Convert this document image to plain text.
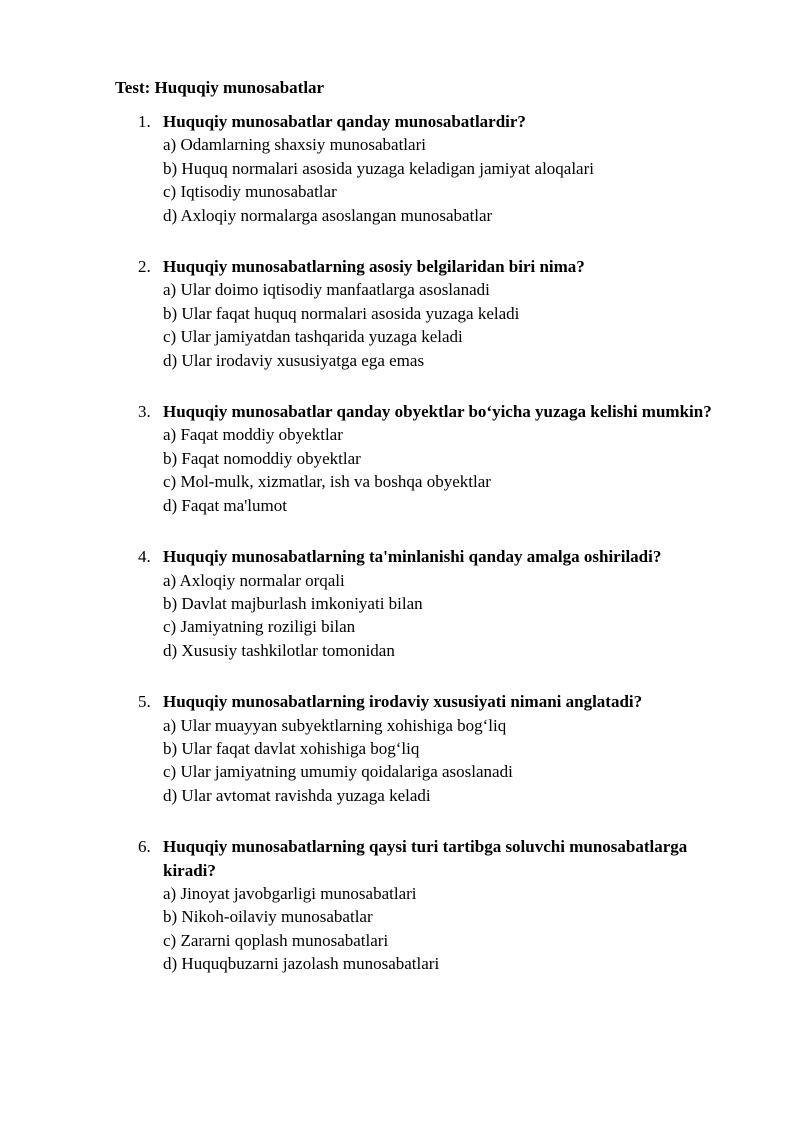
Test: Huquqiy munosabatlar
1. Huquqiy munosabatlar qanday munosabatlardir?
a) Odamlarning shaxsiy munosabatlari
b) Huquq normalari asosida yuzaga keladigan jamiyat aloqalari
c) Iqtisodiy munosabatlar
d) Axloqiy normalarga asoslangan munosabatlar
2. Huquqiy munosabatlarning asosiy belgilaridan biri nima?
a) Ular doimo iqtisodiy manfaatlarga asoslanadi
b) Ular faqat huquq normalari asosida yuzaga keladi
c) Ular jamiyatdan tashqarida yuzaga keladi
d) Ular irodaviy xususiyatga ega emas
3. Huquqiy munosabatlar qanday obyektlar bo‘yicha yuzaga kelishi mumkin?
a) Faqat moddiy obyektlar
b) Faqat nomoddiy obyektlar
c) Mol-mulk, xizmatlar, ish va boshqa obyektlar
d) Faqat ma'lumot
4. Huquqiy munosabatlarning ta'minlanishi qanday amalga oshiriladi?
a) Axloqiy normalar orqali
b) Davlat majburlash imkoniyati bilan
c) Jamiyatning roziligi bilan
d) Xususiy tashkilotlar tomonidan
5. Huquqiy munosabatlarning irodaviy xususiyati nimani anglatadi?
a) Ular muayyan subyektlarning xohishiga bog‘liq
b) Ular faqat davlat xohishiga bog‘liq
c) Ular jamiyatning umumiy qoidalariga asoslanadi
d) Ular avtomat ravishda yuzaga keladi
6. Huquqiy munosabatlarning qaysi turi tartibga soluvchi munosabatlarga kiradi?
a) Jinoyat javobgarligi munosabatlari
b) Nikoh-oilaviy munosabatlar
c) Zararni qoplash munosabatlari
d) Huquqbuzarni jazolash munosabatlari
